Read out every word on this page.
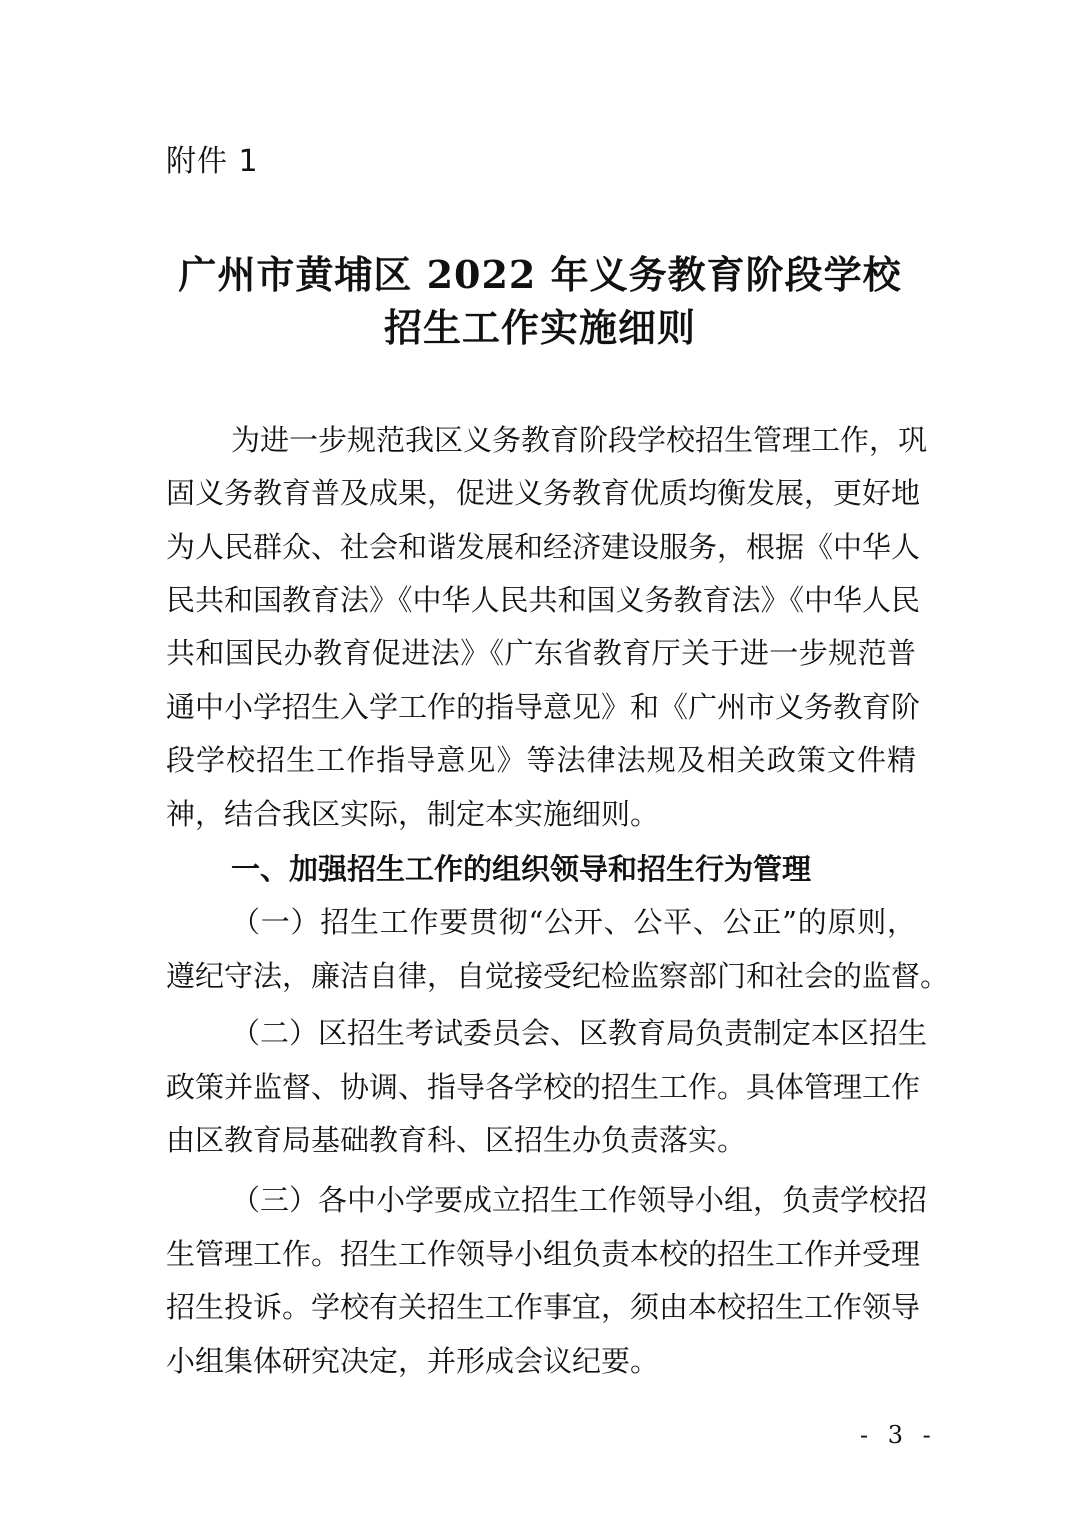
附件 1
广州市黄埔区 2022 年义务教育阶段学校
招生工作实施细则
为进一步规范我区义务教育阶段学校招生管理工作，巩
固义务教育普及成果，促进义务教育优质均衡发展，更好地
为人民群众、社会和谐发展和经济建设服务，根据《中华人
民共和国教育法》《中华人民共和国义务教育法》《中华人民
共和国民办教育促进法》《广东省教育厅关于进一步规范普
通中小学招生入学工作的指导意见》和《广州市义务教育阶
段学校招生工作指导意见》等法律法规及相关政策文件精
神，结合我区实际，制定本实施细则。
一、加强招生工作的组织领导和招生行为管理
（一）招生工作要贯彻“公开、公平、公正”的原则，
遵纪守法，廉洁自律，自觉接受纪检监察部门和社会的监督。
（二）区招生考试委员会、区教育局负责制定本区招生
政策并监督、协调、指导各学校的招生工作。具体管理工作
由区教育局基础教育科、区招生办负责落实。
（三）各中小学要成立招生工作领导小组，负责学校招
生管理工作。招生工作领导小组负责本校的招生工作并受理
招生投诉。学校有关招生工作事宜，须由本校招生工作领导
小组集体研究决定，并形成会议纪要。
- 3 -
